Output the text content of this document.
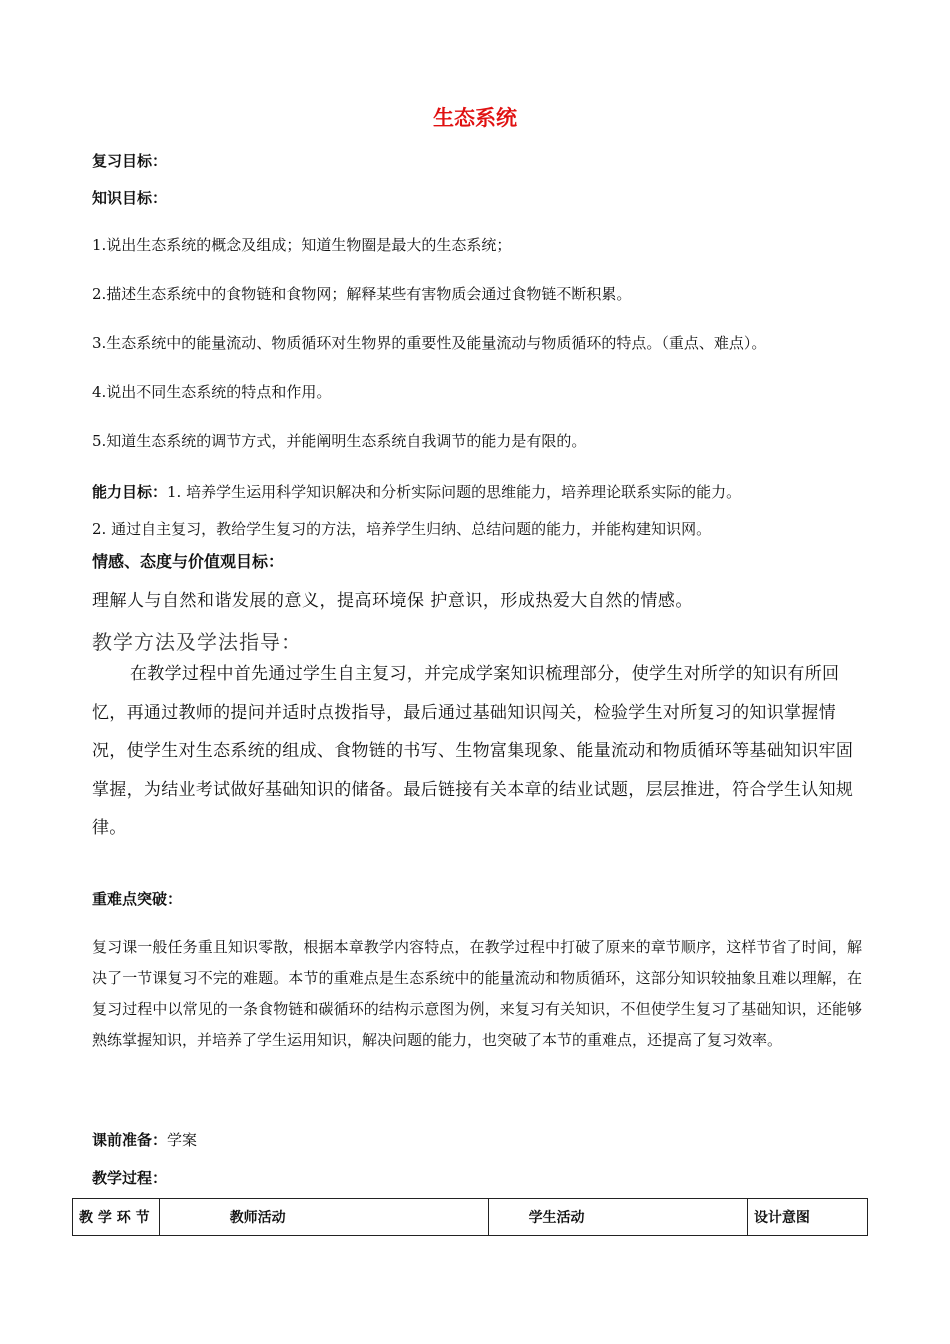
生态系统
复习目标：
知识目标：
1.说出生态系统的概念及组成；知道生物圈是最大的生态系统；
2.描述生态系统中的食物链和食物网；解释某些有害物质会通过食物链不断积累。
3.生态系统中的能量流动、物质循环对生物界的重要性及能量流动与物质循环的特点。（重点、难点）。
4.说出不同生态系统的特点和作用。
5.知道生态系统的调节方式，并能阐明生态系统自我调节的能力是有限的。
能力目标：1. 培养学生运用科学知识解决和分析实际问题的思维能力，培养理论联系实际的能力。
2. 通过自主复习，教给学生复习的方法，培养学生归纳、总结问题的能力，并能构建知识网。
情感、态度与价值观目标：
理解人与自然和谐发展的意义，提高环境保 护意识，形成热爱大自然的情感。
教学方法及学法指导：
在教学过程中首先通过学生自主复习，并完成学案知识梳理部分，使学生对所学的知识有所回忆，再通过教师的提问并适时点拨指导，最后通过基础知识闯关，检验学生对所复习的知识掌握情况，使学生对生态系统的组成、食物链的书写、生物富集现象、能量流动和物质循环等基础知识牢固掌握，为结业考试做好基础知识的储备。最后链接有关本章的结业试题，层层推进，符合学生认知规律。
重难点突破：
复习课一般任务重且知识零散，根据本章教学内容特点，在教学过程中打破了原来的章节顺序，这样节省了时间，解决了一节课复习不完的难题。本节的重难点是生态系统中的能量流动和物质循环，这部分知识较抽象且难以理解，在复习过程中以常见的一条食物链和碳循环的结构示意图为例，来复习有关知识，不但使学生复习了基础知识，还能够熟练掌握知识，并培养了学生运用知识，解决问题的能力，也突破了本节的重难点，还提高了复习效率。
课前准备：学案
教学过程：
教 学 环 节	教师活动	学生活动	设计意图
